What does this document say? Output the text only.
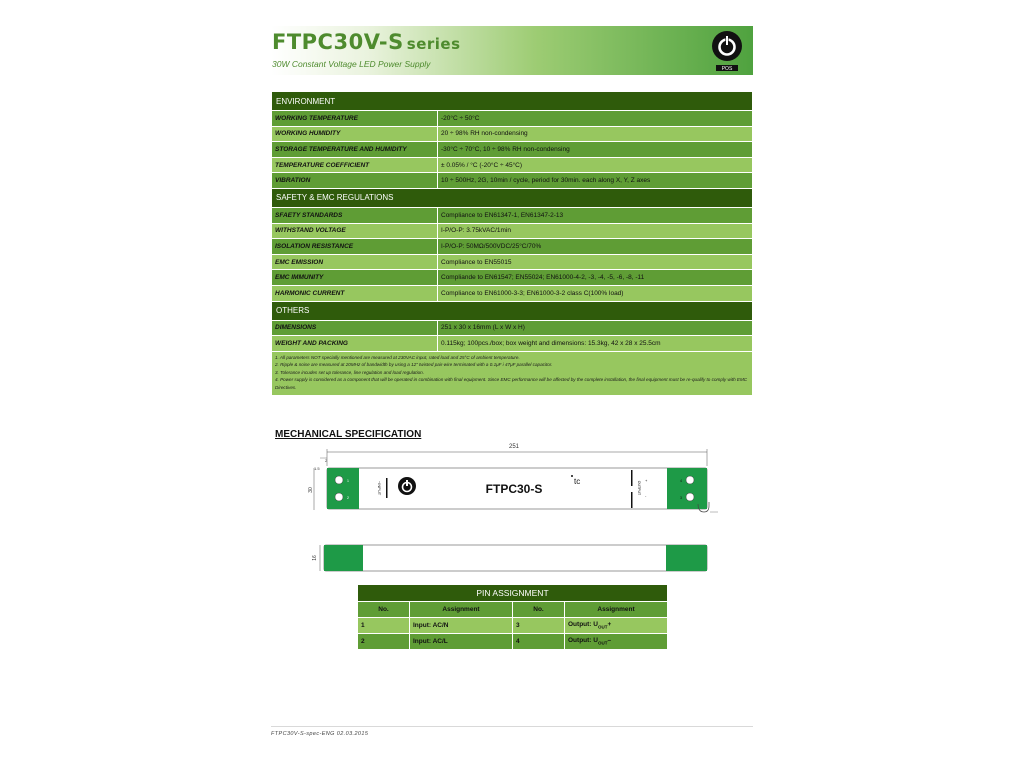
FTPC30V-S series
30W Constant Voltage LED Power Supply	POS
ENVIRONMENT	
WORKING TEMPERATURE	-20°C ÷ 50°C
WORKING HUMIDITY	20 ÷ 98% RH non-condensing
STORAGE TEMPERATURE AND HUMIDITY	-30°C ÷ 70°C, 10 ÷ 98% RH non-condensing
TEMPERATURE COEFFICIENT	± 0.05% / °C (-20°C ÷ 45°C)
VIBRATION	10 ÷ 500Hz, 2G, 10min / cycle, period for 30min. each along X, Y, Z axes
SAFETY & EMC REGULATIONS	
SFAETY STANDARDS	Compliance to EN61347-1, EN61347-2-13
WITHSTAND VOLTAGE	I-P/O-P: 3.75kVAC/1min
ISOLATION RESISTANCE	I-P/O-P: 50MΩ/500VDC/25°C/70%
EMC EMISSION	Compliance to EN55015
EMC IMMUNITY	Compliande to EN61547; EN55024; EN61000-4-2, -3, -4, -5, -6, -8, -11
HARMONIC CURRENT	Compliance to EN61000-3-3; EN61000-3-2 class C(100% load)
OTHERS	
DIMENSIONS	251 x 30 x 16mm (L x W x H)
WEIGHT AND PACKING	0.115kg; 100pcs./box; box weight and dimensions: 15.3kg, 42 x 28 x 25.5cm

1. All parameters NOT specially mentioned are measured at 230VAC input, rated load and 25°C of ambient temperature.
2. Ripple & noise are measured at 20MHz of bandwidth by using a 12" twisted pair-wire terminated with a 0.1μF i 47μF parallel capacitor.
3. Tolerance incudes set up tolerance, line regulation and load regulation.
4. Power supply is considered as a component that will be operated in combination with final equipment. Since EMC performance will be affected by the complete installation, the final equipment must be re-qualify to comply with EMC Directives.	
MECHANICAL SPECIFICATION
251
2
1.5
30
1
2
4
3
~INPUT	FTPC30-S
tc	OUTPUT
+
-
16
PIN ASSIGNMENT			
No.	Assignment	No.	Assignment
1	Input: AC/N	3	Output: $U_{OUT}+$
2	Input: AC/L	4	Output: $U_{OUT}-$
FTPC30V-S-spec-ENG 02.03.2015
